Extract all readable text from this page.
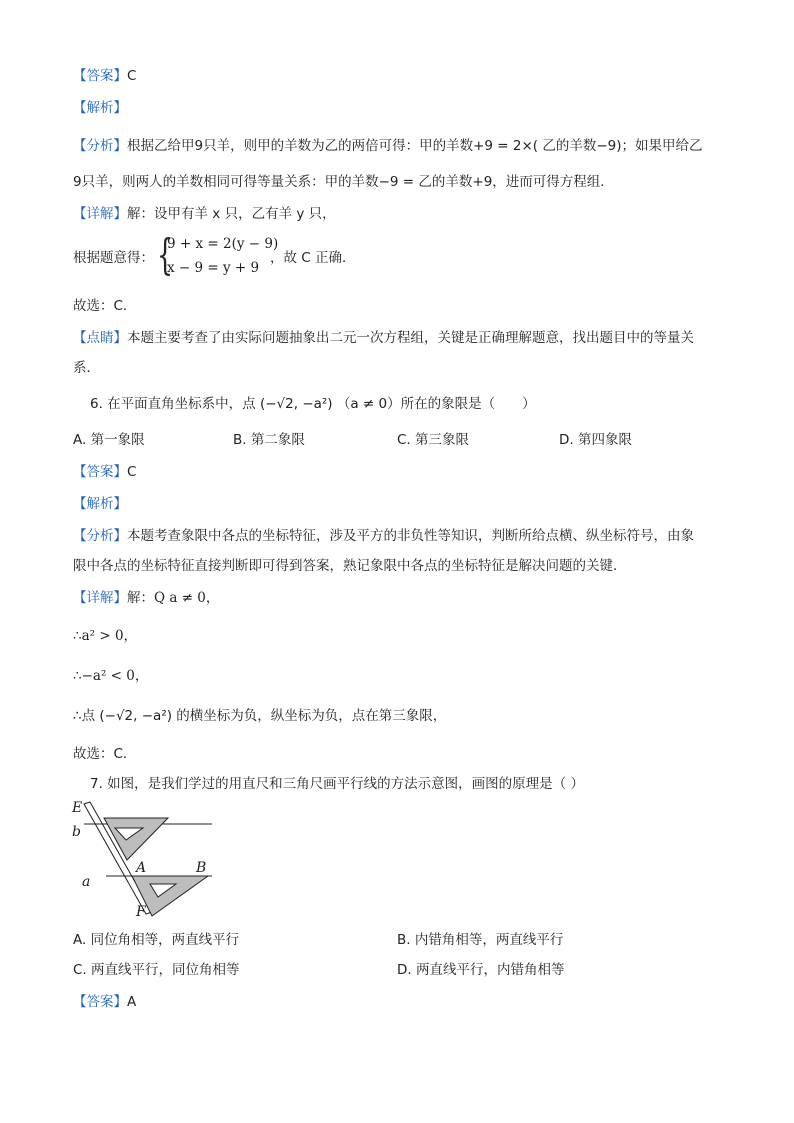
【答案】C
【解析】
【分析】根据乙给甲9只羊，则甲的羊数为乙的两倍可得：甲的羊数+9 = 2×( 乙的羊数−9)；如果甲给乙
9只羊，则两人的羊数相同可得等量关系：甲的羊数−9 = 乙的羊数+9，进而可得方程组．
【详解】解：设甲有羊 x 只，乙有羊 y 只，
根据题意得： {
9 + x = 2(y − 9)
x − 9 = y + 9
，故 C 正确．
故选：C．
【点睛】本题主要考查了由实际问题抽象出二元一次方程组，关键是正确理解题意，找出题目中的等量关
系．
6. 在平面直角坐标系中，点 (−√2, −a²) （a ≠ 0）所在的象限是（　　）
A. 第一象限	B. 第二象限	C. 第三象限	D. 第四象限
【答案】C
【解析】
【分析】本题考查象限中各点的坐标特征，涉及平方的非负性等知识，判断所给点横、纵坐标符号，由象
限中各点的坐标特征直接判断即可得到答案，熟记象限中各点的坐标特征是解决问题的关键．
【详解】解：Q a ≠ 0，
∴a² > 0，
∴−a² < 0，
∴点 (−√2, −a²) 的横坐标为负，纵坐标为负，点在第三象限，
故选：C．
7. 如图，是我们学过的用直尺和三角尺画平行线的方法示意图，画图的原理是（ ）
E
b
A	B
a
F
A. 同位角相等，两直线平行	B. 内错角相等，两直线平行
C. 两直线平行，同位角相等	D. 两直线平行，内错角相等
【答案】A
